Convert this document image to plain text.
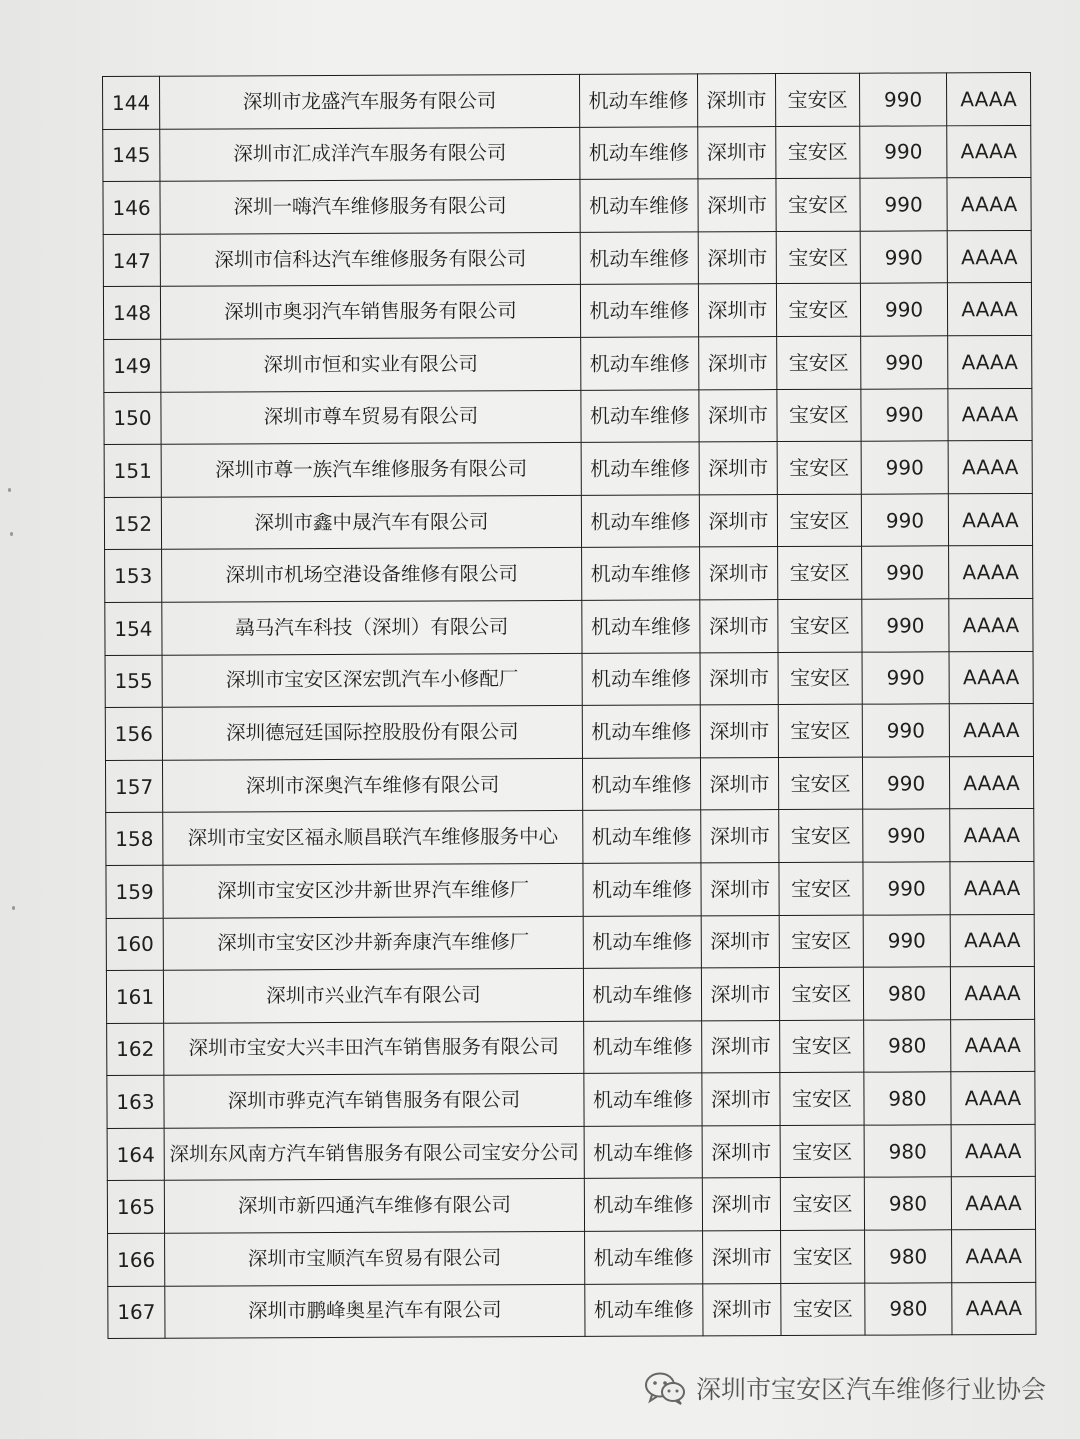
144	深圳市龙盛汽车服务有限公司	机动车维修	深圳市	宝安区	990	AAAA
145	深圳市汇成洋汽车服务有限公司	机动车维修	深圳市	宝安区	990	AAAA
146	深圳一嗨汽车维修服务有限公司	机动车维修	深圳市	宝安区	990	AAAA
147	深圳市信科达汽车维修服务有限公司	机动车维修	深圳市	宝安区	990	AAAA
148	深圳市奥羽汽车销售服务有限公司	机动车维修	深圳市	宝安区	990	AAAA
149	深圳市恒和实业有限公司	机动车维修	深圳市	宝安区	990	AAAA
150	深圳市尊车贸易有限公司	机动车维修	深圳市	宝安区	990	AAAA
151	深圳市尊一族汽车维修服务有限公司	机动车维修	深圳市	宝安区	990	AAAA
152	深圳市鑫中晟汽车有限公司	机动车维修	深圳市	宝安区	990	AAAA
153	深圳市机场空港设备维修有限公司	机动车维修	深圳市	宝安区	990	AAAA
154	骉马汽车科技（深圳）有限公司	机动车维修	深圳市	宝安区	990	AAAA
155	深圳市宝安区深宏凯汽车小修配厂	机动车维修	深圳市	宝安区	990	AAAA
156	深圳德冠廷国际控股股份有限公司	机动车维修	深圳市	宝安区	990	AAAA
157	深圳市深奥汽车维修有限公司	机动车维修	深圳市	宝安区	990	AAAA
158	深圳市宝安区福永顺昌联汽车维修服务中心	机动车维修	深圳市	宝安区	990	AAAA
159	深圳市宝安区沙井新世界汽车维修厂	机动车维修	深圳市	宝安区	990	AAAA
160	深圳市宝安区沙井新奔康汽车维修厂	机动车维修	深圳市	宝安区	990	AAAA
161	深圳市兴业汽车有限公司	机动车维修	深圳市	宝安区	980	AAAA
162	深圳市宝安大兴丰田汽车销售服务有限公司	机动车维修	深圳市	宝安区	980	AAAA
163	深圳市骅克汽车销售服务有限公司	机动车维修	深圳市	宝安区	980	AAAA
164	深圳东风南方汽车销售服务有限公司宝安分公司	机动车维修	深圳市	宝安区	980	AAAA
165	深圳市新四通汽车维修有限公司	机动车维修	深圳市	宝安区	980	AAAA
166	深圳市宝顺汽车贸易有限公司	机动车维修	深圳市	宝安区	980	AAAA
167	深圳市鹏峰奥星汽车有限公司	机动车维修	深圳市	宝安区	980	AAAA
深圳市宝安区汽车维修行业协会
